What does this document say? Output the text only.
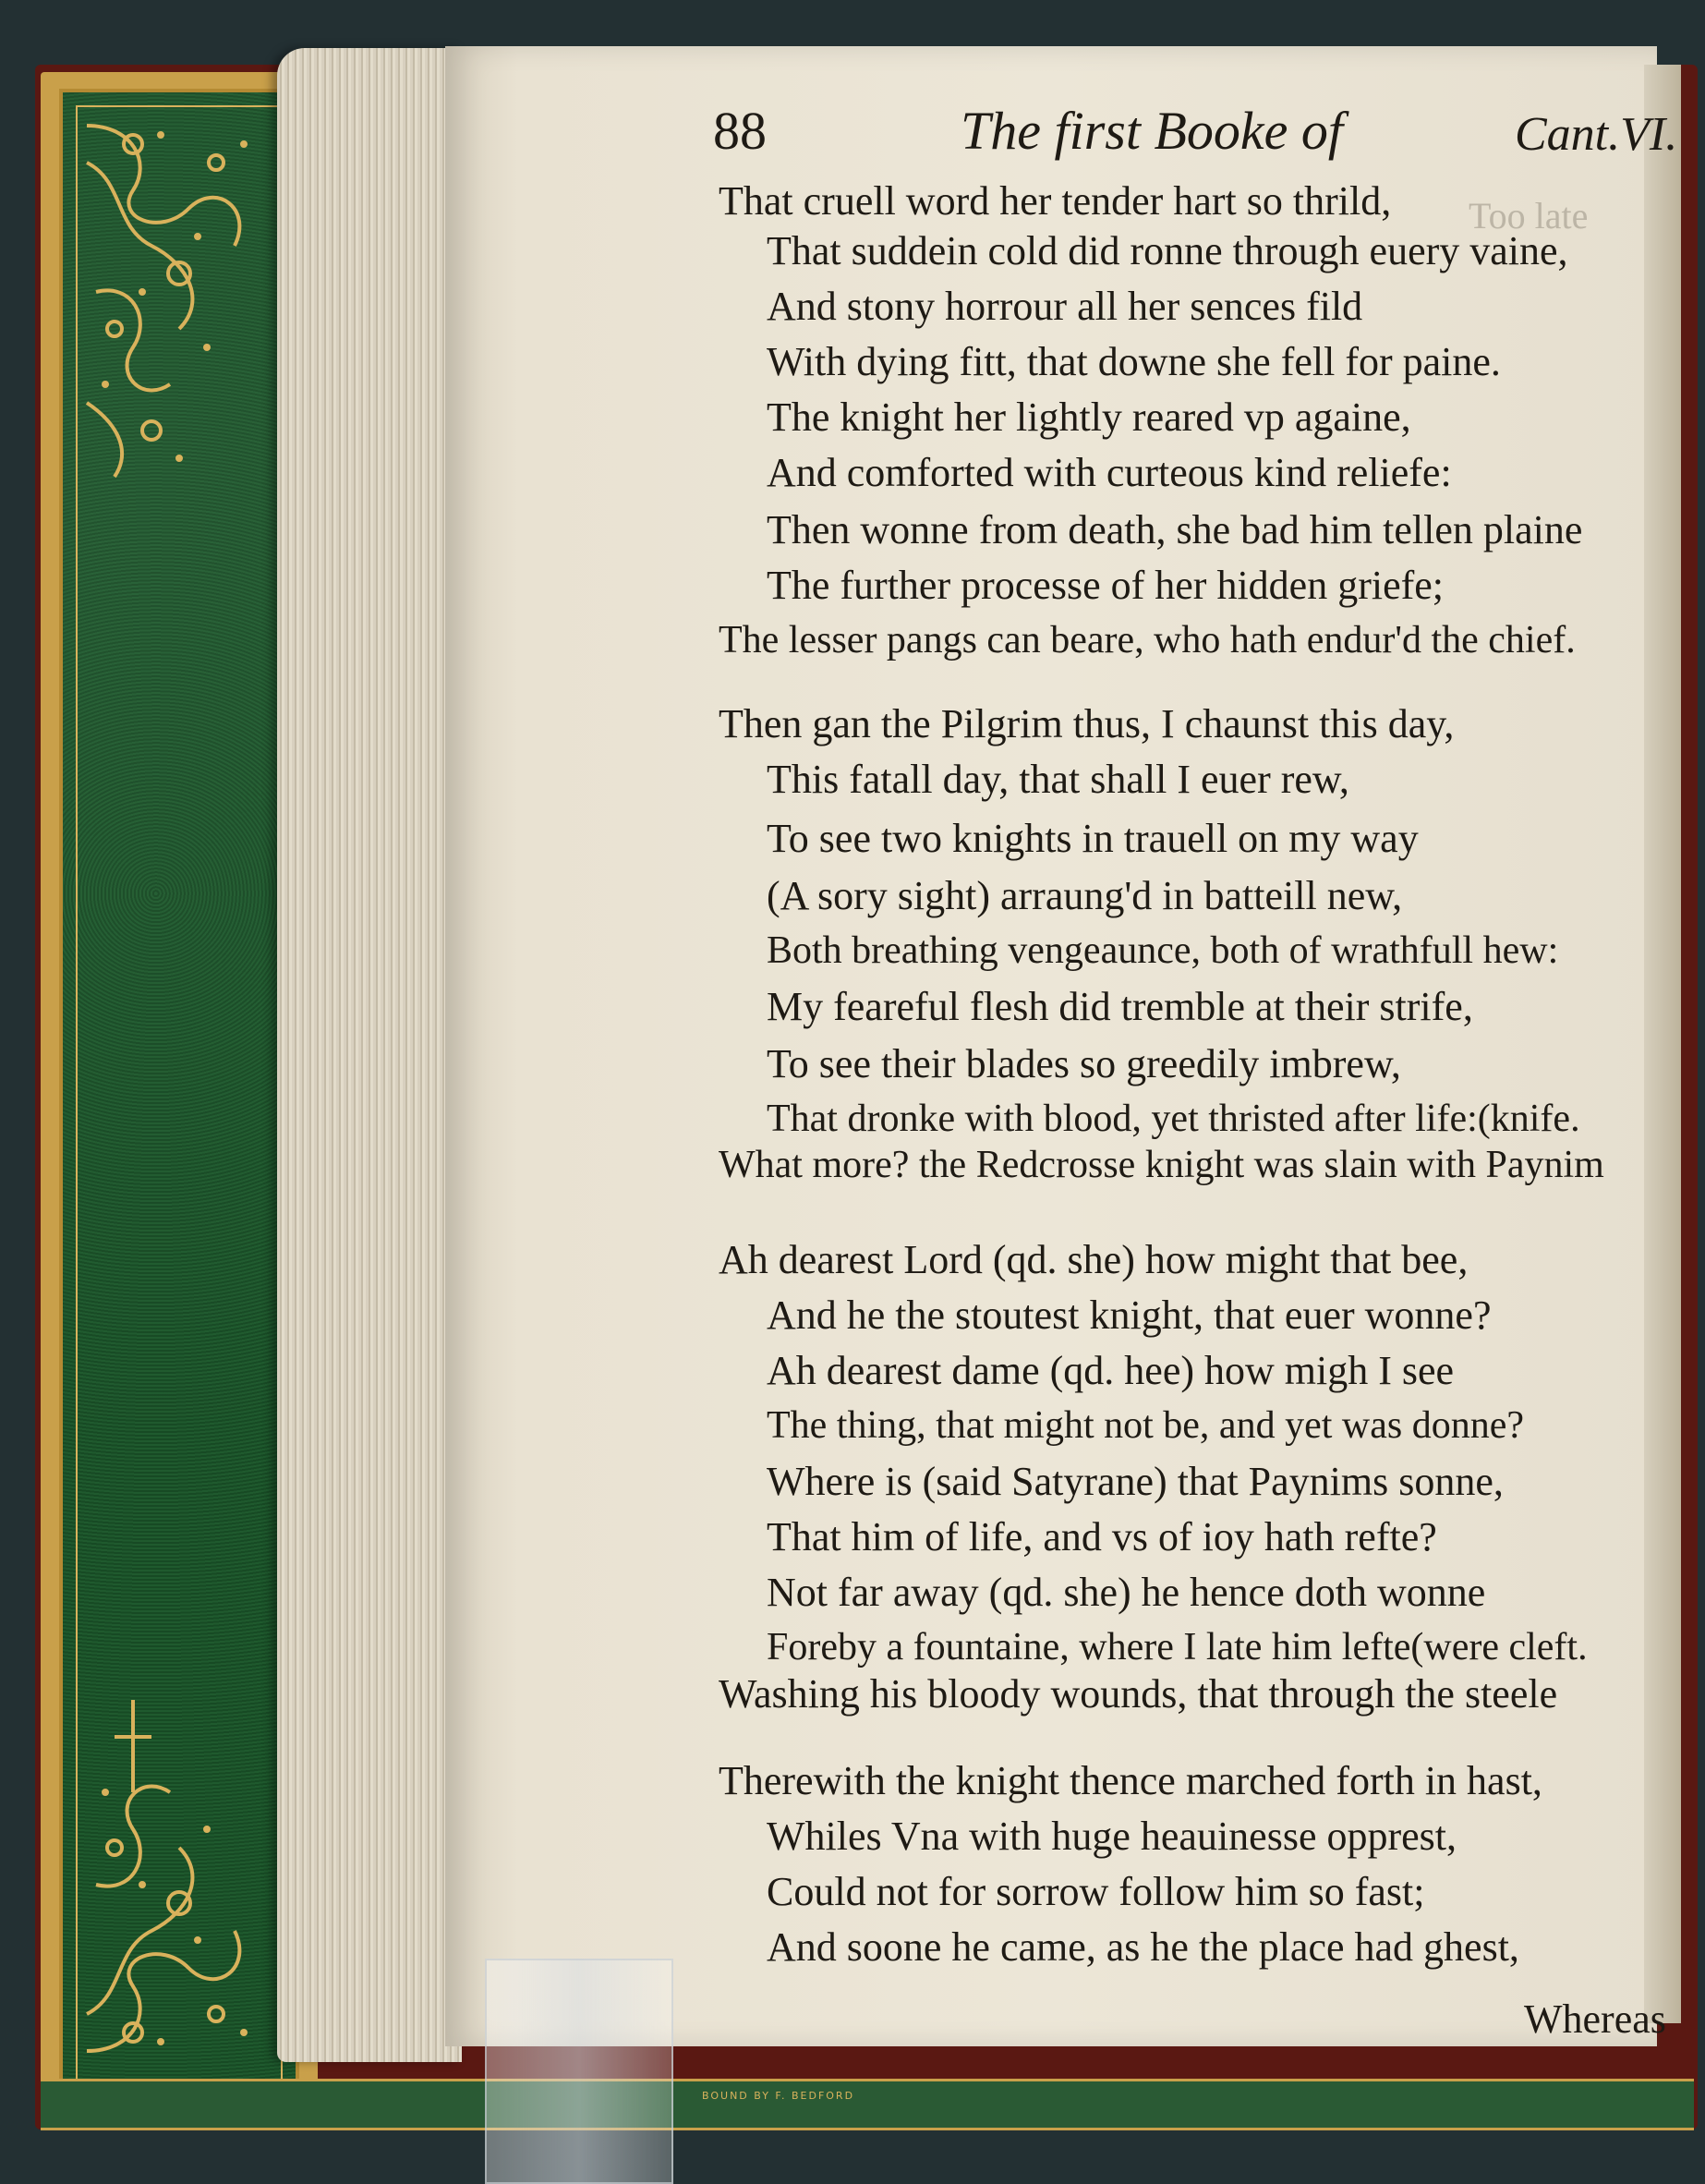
BOUND BY F. BEDFORD
Too late
88	The first Booke of	Cant.VI.
That cruell word her tender hart so thrild,
That suddein cold did ronne through euery vaine,
And stony horrour all her sences fild
With dying fitt, that downe she fell for paine.
The knight her lightly reared vp againe,
And comforted with curteous kind reliefe:
Then wonne from death, she bad him tellen plaine
The further processe of her hidden griefe;
The lesser pangs can beare, who hath endur'd the chief.
Then gan the Pilgrim thus, I chaunst this day,
This fatall day, that shall I euer rew,
To see two knights in trauell on my way
(A sory sight) arraung'd in batteill new,
Both breathing vengeaunce, both of wrathfull hew:
My feareful flesh did tremble at their strife,
To see their blades so greedily imbrew,
That dronke with blood, yet thristed after life:(knife.
What more? the Redcrosse knight was slain with Paynim
Ah dearest Lord (qd. she) how might that bee,
And he the stoutest knight, that euer wonne?
Ah dearest dame (qd. hee) how migh I see
The thing, that might not be, and yet was donne?
Where is (said Satyrane) that Paynims sonne,
That him of life, and vs of ioy hath refte?
Not far away (qd. she) he hence doth wonne
Foreby a fountaine, where I late him lefte(were cleft.
Washing his bloody wounds, that through the steele
Therewith the knight thence marched forth in hast,
Whiles Vna with huge heauinesse opprest,
Could not for sorrow follow him so fast;
And soone he came, as he the place had ghest,
Whereas
